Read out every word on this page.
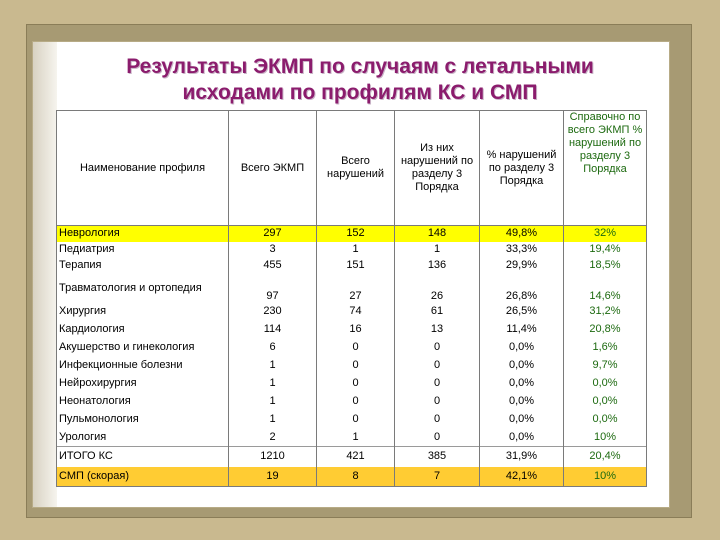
Результаты ЭКМП по случаям с летальными
исходами по профилям КС и СМП
Наименование профиля	Всего ЭКМП	Всего нарушений	Из них нарушений по разделу 3 Порядка	% нарушений по разделу 3 Порядка	Справочно по всего ЭКМП % нарушений по разделу 3 Порядка
Неврология	297	152	148	49,8%	32%
Педиатрия	3	1	1	33,3%	19,4%
Терапия	455	151	136	29,9%	18,5%
Травматология и ортопедия	97	27	26	26,8%	14,6%
Хирургия	230	74	61	26,5%	31,2%
Кардиология	114	16	13	11,4%	20,8%
Акушерство и гинекология	6	0	0	0,0%	1,6%
Инфекционные болезни	1	0	0	0,0%	9,7%
Нейрохирургия	1	0	0	0,0%	0,0%
Неонатология	1	0	0	0,0%	0,0%
Пульмонология	1	0	0	0,0%	0,0%
Урология	2	1	0	0,0%	10%
ИТОГО КС	1210	421	385	31,9%	20,4%
СМП (скорая)	19	8	7	42,1%	10%
